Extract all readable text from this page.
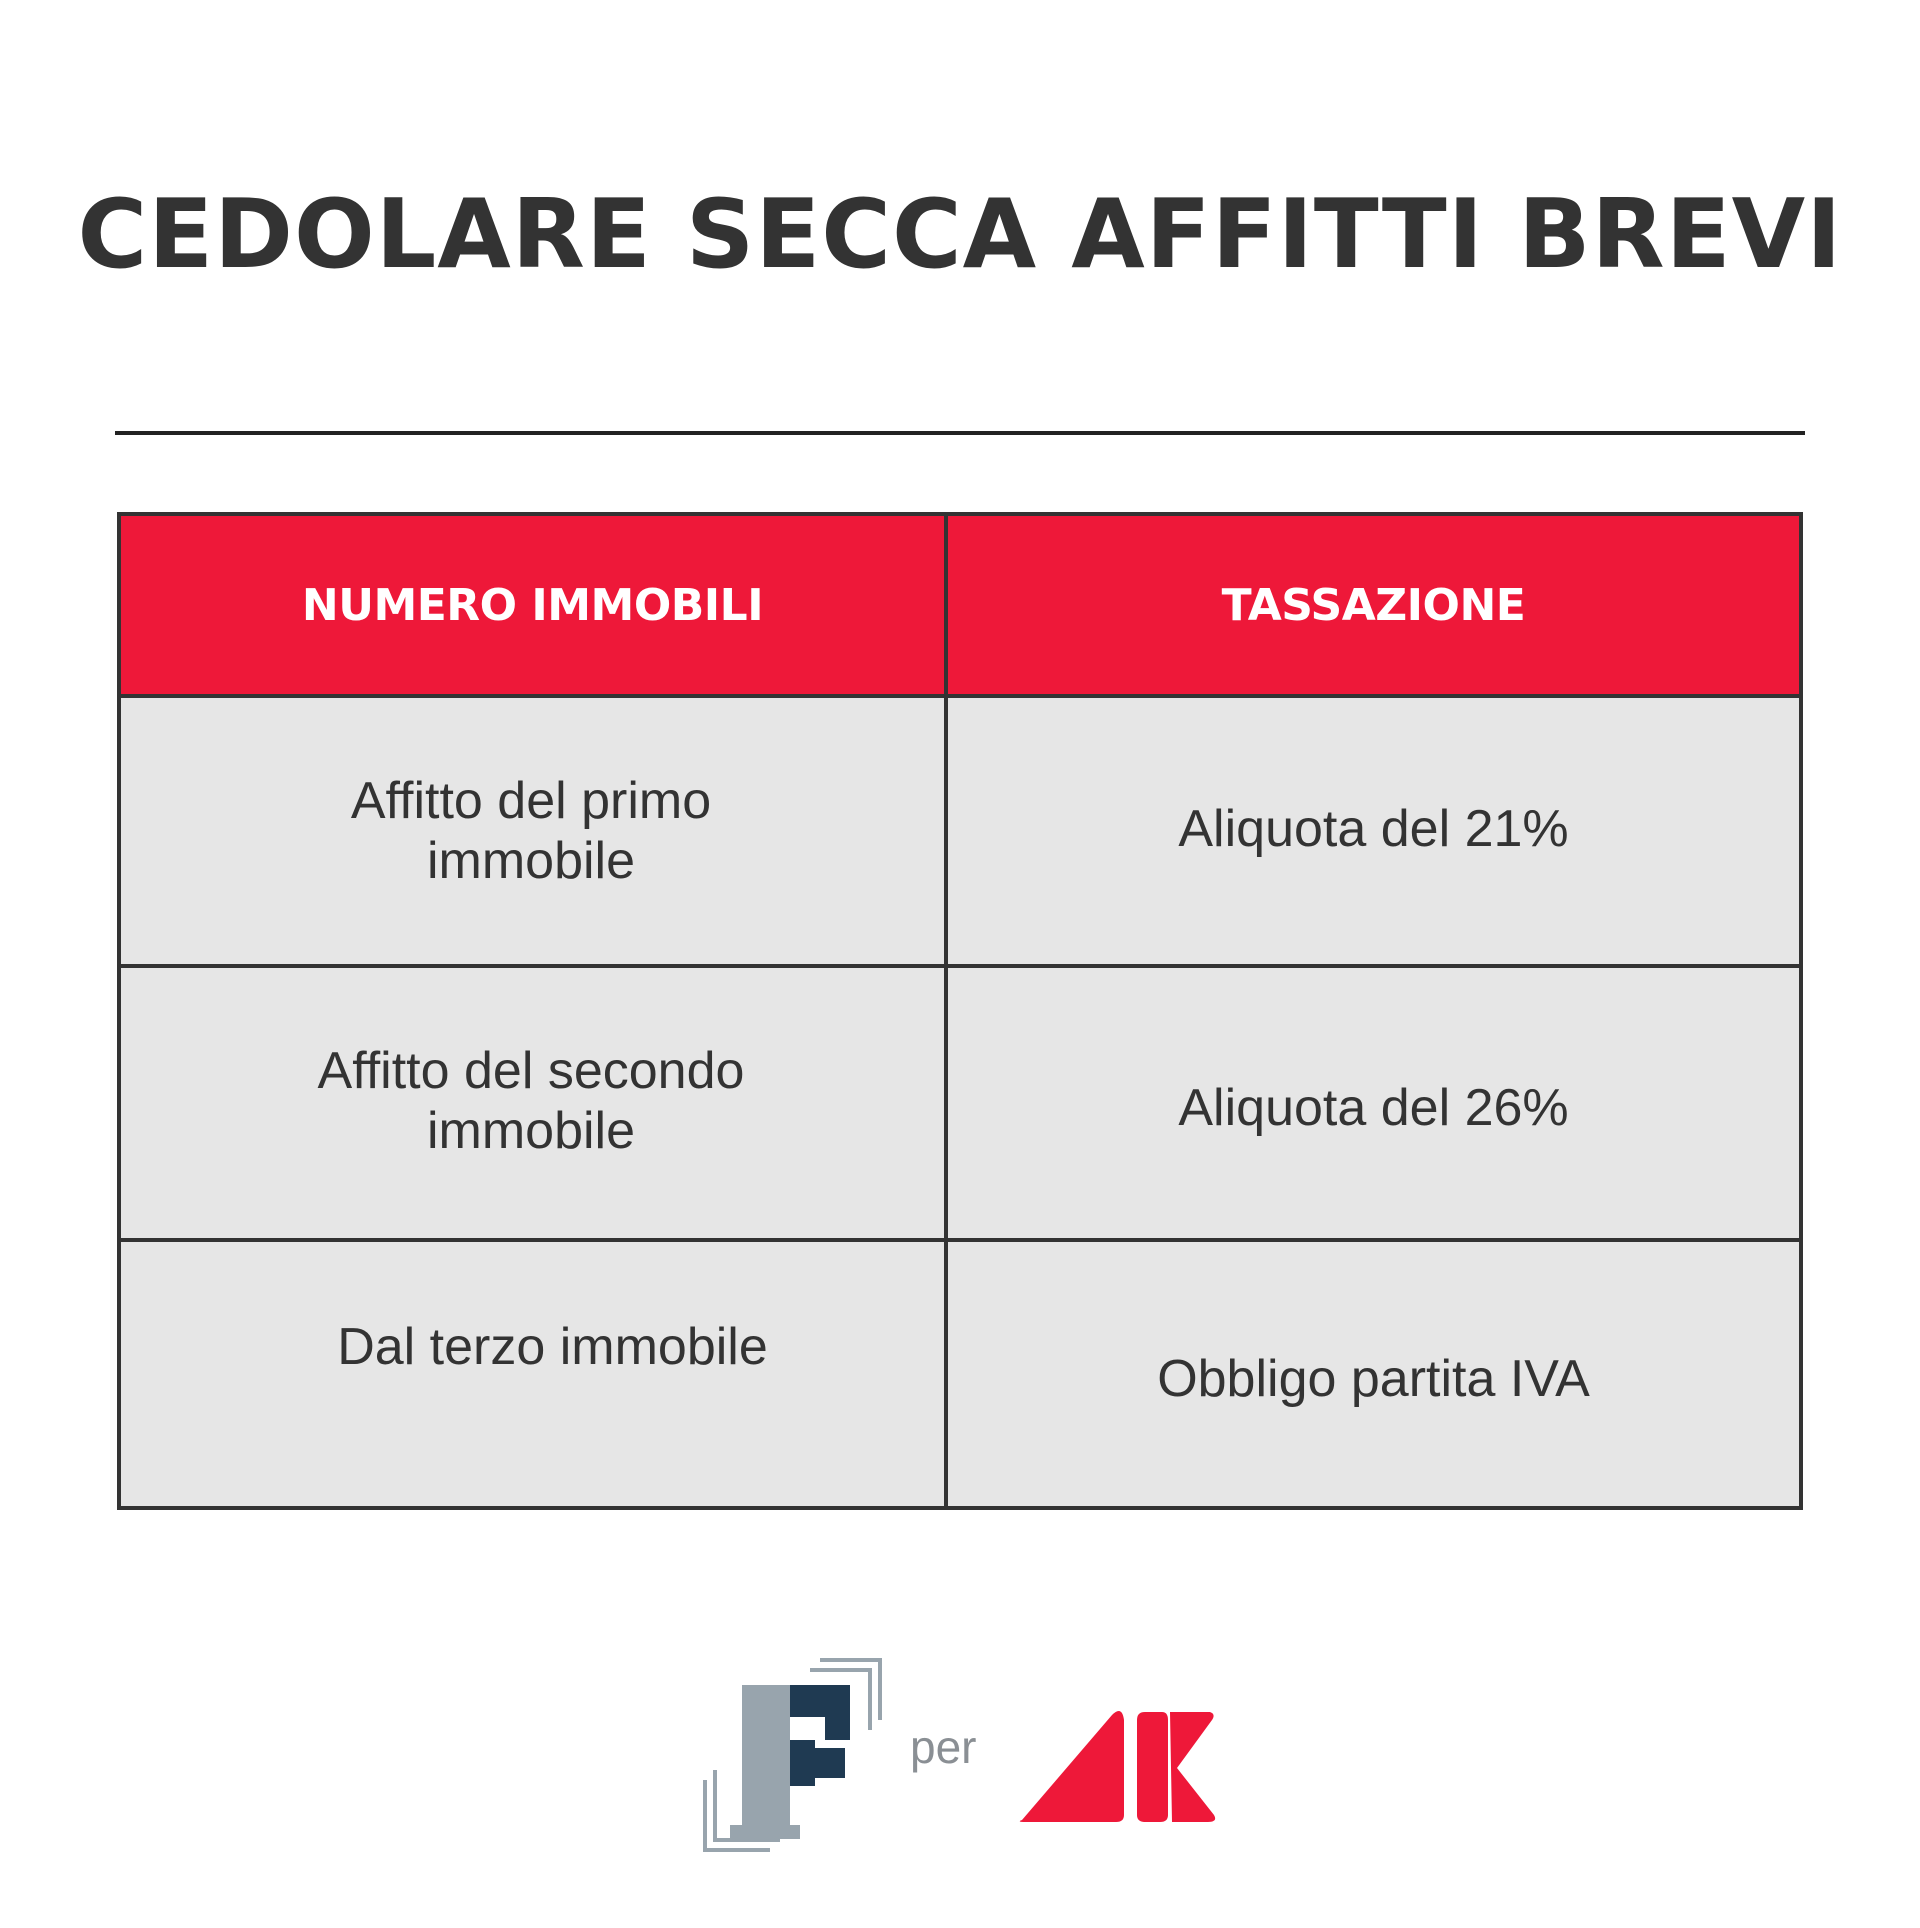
CEDOLARE SECCA AFFITTI BREVI
NUMERO IMMOBILI	TASSAZIONE
Affitto del primo immobile
Aliquota del 21%
Affitto del secondo immobile	Aliquota del 26%
Dal terzo immobile
Obbligo partita IVA
per
